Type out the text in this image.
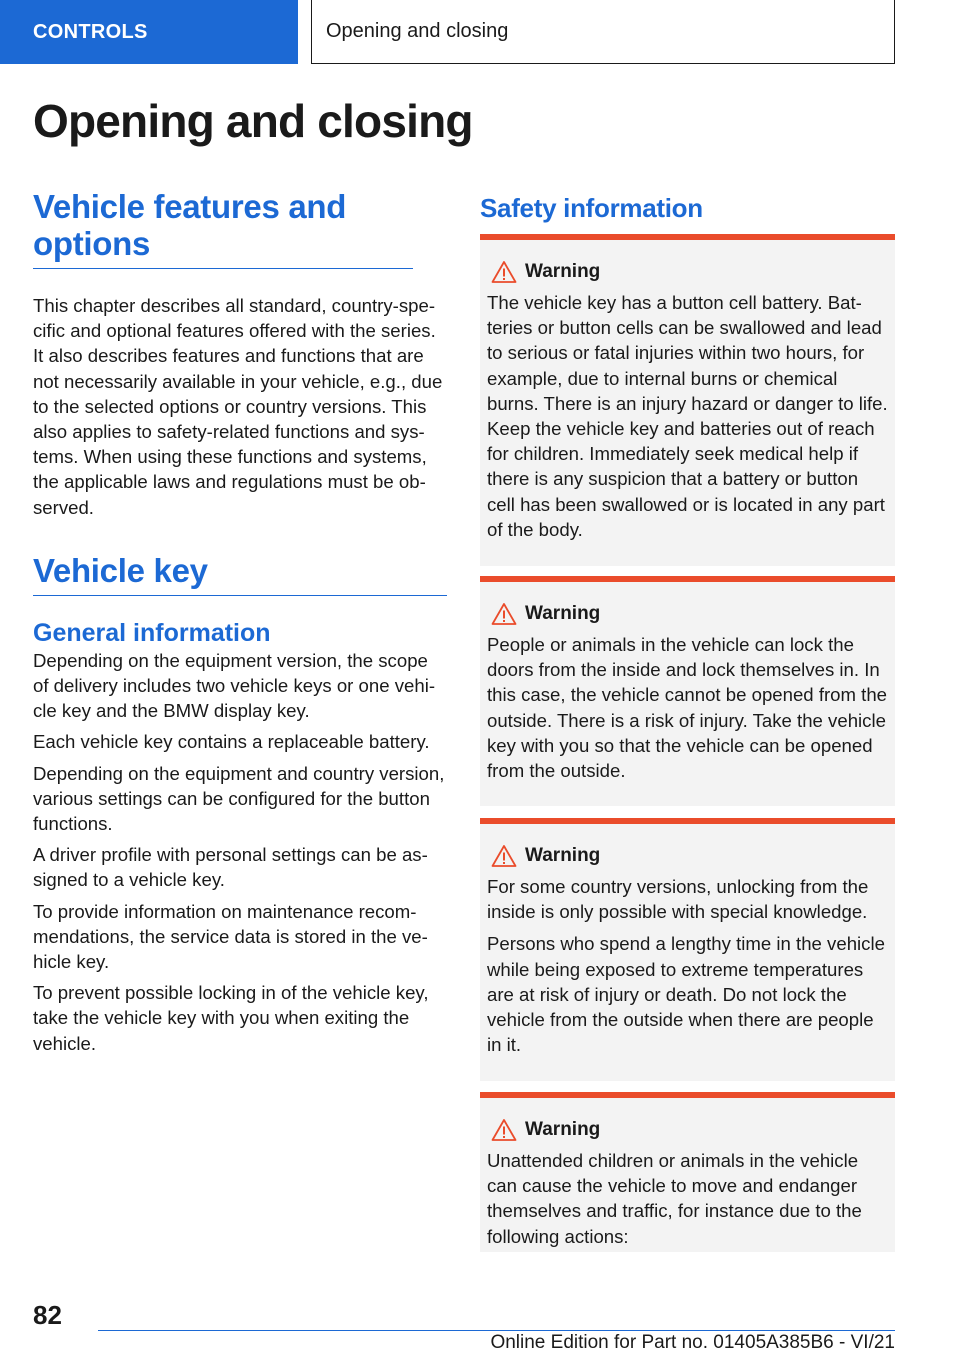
CONTROLS	Opening and closing
Opening and closing
Vehicle features and options

This chapter describes all standard, country-specific and optional features offered with the series. It also describes features and functions that are not necessarily available in your vehicle, e.g., due to the selected options or country versions. This also applies to safety-related functions and systems. When using these functions and systems, the applicable laws and regulations must be observed.

Vehicle key
General information

Depending on the equipment version, the scope of delivery includes two vehicle keys or one vehicle key and the BMW display key.

Each vehicle key contains a replaceable battery.

Depending on the equipment and country version, various settings can be configured for the button functions.

A driver profile with personal settings can be assigned to a vehicle key.

To provide information on maintenance recommendations, the service data is stored in the vehicle key.

To prevent possible locking in of the vehicle key, take the vehicle key with you when exiting the vehicle.

Safety information
Warning

The vehicle key has a button cell battery. Batteries or button cells can be swallowed and lead to serious or fatal injuries within two hours, for example, due to internal burns or chemical burns. There is an injury hazard or danger to life. Keep the vehicle key and batteries out of reach for children. Immediately seek medical help if there is any suspicion that a battery or button cell has been swallowed or is located in any part of the body.

Warning

People or animals in the vehicle can lock the doors from the inside and lock themselves in. In this case, the vehicle cannot be opened from the outside. There is a risk of injury. Take the vehicle key with you so that the vehicle can be opened from the outside.

Warning

For some country versions, unlocking from the inside is only possible with special knowledge.

Persons who spend a lengthy time in the vehicle while being exposed to extreme temperatures are at risk of injury or death. Do not lock the vehicle from the outside when there are people in it.

Warning

Unattended children or animals in the vehicle can cause the vehicle to move and endanger themselves and traffic, for instance due to the following actions:

82
Online Edition for Part no. 01405A385B6 - VI/21
